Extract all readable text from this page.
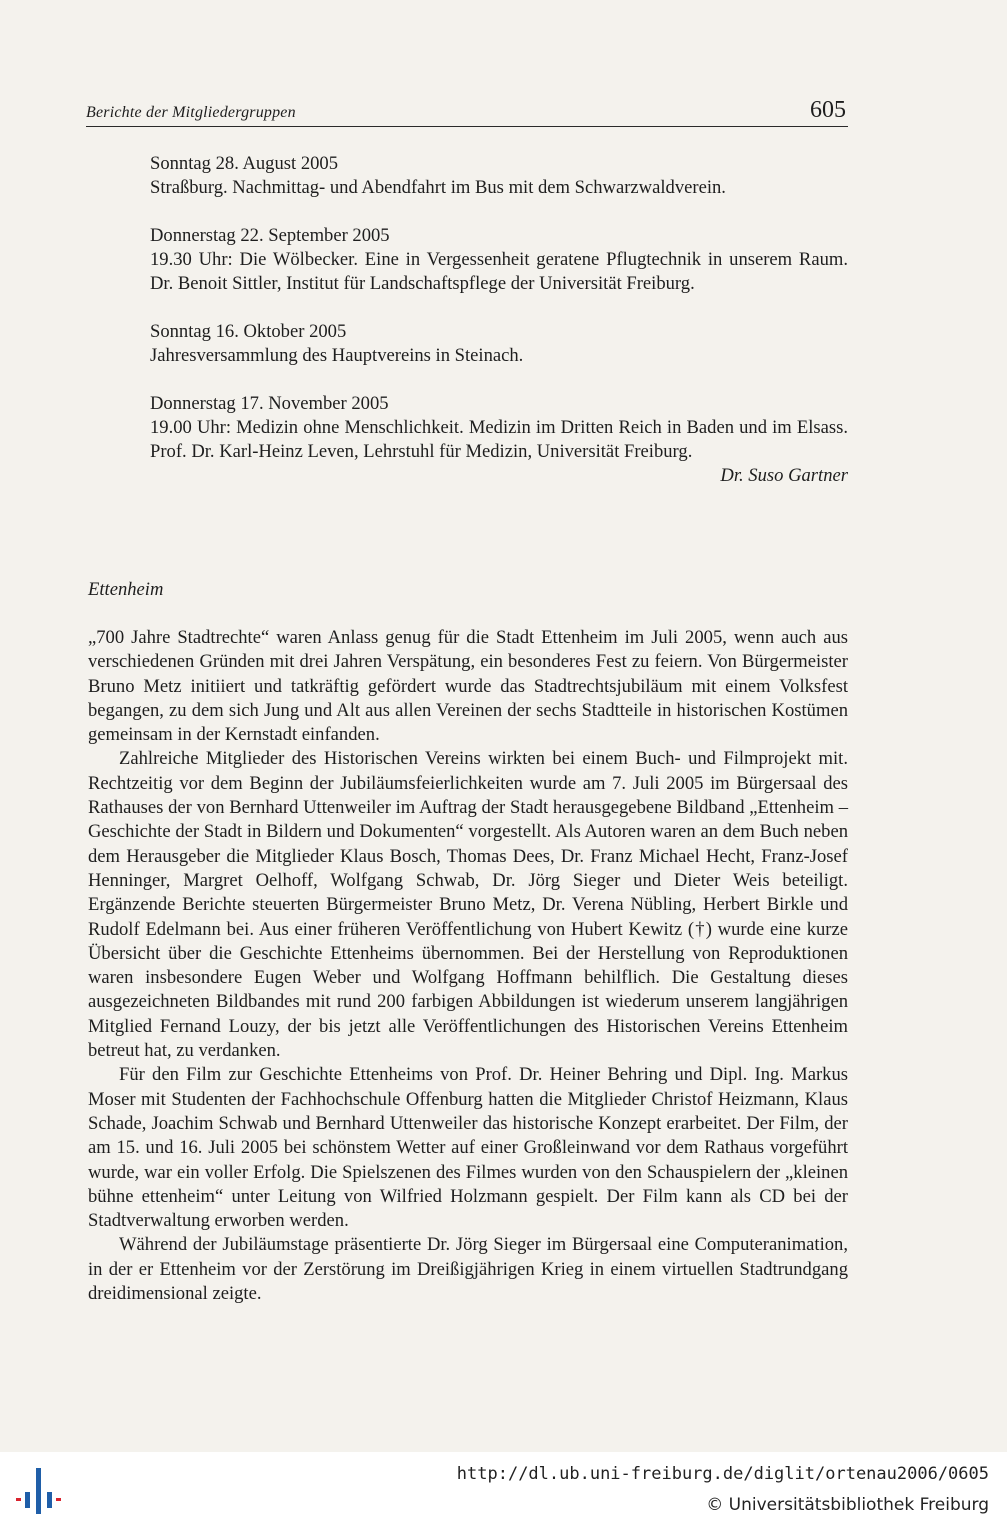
Berichte der Mitgliedergruppen	605
Sonntag 28. August 2005
Straßburg. Nachmittag- und Abendfahrt im Bus mit dem Schwarzwaldverein.
Donnerstag 22. September 2005
19.30 Uhr: Die Wölbecker. Eine in Vergessenheit geratene Pflugtechnik in unserem Raum. Dr. Benoit Sittler, Institut für Landschaftspflege der Universität Freiburg.
Sonntag 16. Oktober 2005
Jahresversammlung des Hauptvereins in Steinach.
Donnerstag 17. November 2005
19.00 Uhr: Medizin ohne Menschlichkeit. Medizin im Dritten Reich in Baden und im Elsass. Prof. Dr. Karl-Heinz Leven, Lehrstuhl für Medizin, Universität Freiburg.
Dr. Suso Gartner
Ettenheim

„700 Jahre Stadtrechte“ waren Anlass genug für die Stadt Ettenheim im Juli 2005, wenn auch aus verschiedenen Gründen mit drei Jahren Verspätung, ein besonderes Fest zu feiern. Von Bürgermeister Bruno Metz initiiert und tatkräftig gefördert wurde das Stadtrechtsjubiläum mit einem Volksfest begangen, zu dem sich Jung und Alt aus allen Vereinen der sechs Stadtteile in historischen Kostümen gemeinsam in der Kernstadt einfanden.

Zahlreiche Mitglieder des Historischen Vereins wirkten bei einem Buch- und Filmprojekt mit. Rechtzeitig vor dem Beginn der Jubiläumsfeierlichkeiten wurde am 7. Juli 2005 im Bürgersaal des Rathauses der von Bernhard Uttenweiler im Auftrag der Stadt herausgegebene Bildband „Ettenheim – Geschichte der Stadt in Bildern und Dokumenten“ vorgestellt. Als Autoren waren an dem Buch neben dem Herausgeber die Mitglieder Klaus Bosch, Thomas Dees, Dr. Franz Michael Hecht, Franz-Josef Henninger, Margret Oelhoff, Wolfgang Schwab, Dr. Jörg Sieger und Dieter Weis beteiligt. Ergänzende Berichte steuerten Bürgermeister Bruno Metz, Dr. Verena Nübling, Herbert Birkle und Rudolf Edelmann bei. Aus einer früheren Veröffentlichung von Hubert Kewitz (†) wurde eine kurze Übersicht über die Geschichte Ettenheims übernommen. Bei der Herstellung von Reproduktionen waren insbesondere Eugen Weber und Wolfgang Hoffmann behilflich. Die Gestaltung dieses ausgezeichneten Bildbandes mit rund 200 farbigen Abbildungen ist wiederum unserem langjährigen Mitglied Fernand Louzy, der bis jetzt alle Veröffentlichungen des Historischen Vereins Ettenheim betreut hat, zu verdanken.

Für den Film zur Geschichte Ettenheims von Prof. Dr. Heiner Behring und Dipl. Ing. Markus Moser mit Studenten der Fachhochschule Offenburg hatten die Mitglieder Christof Heizmann, Klaus Schade, Joachim Schwab und Bernhard Uttenweiler das historische Konzept erarbeitet. Der Film, der am 15. und 16. Juli 2005 bei schönstem Wetter auf einer Großleinwand vor dem Rathaus vorgeführt wurde, war ein voller Erfolg. Die Spielszenen des Filmes wurden von den Schauspielern der „kleinen bühne ettenheim“ unter Leitung von Wilfried Holzmann gespielt. Der Film kann als CD bei der Stadtverwaltung erworben werden.

Während der Jubiläumstage präsentierte Dr. Jörg Sieger im Bürgersaal eine Computeranimation, in der er Ettenheim vor der Zerstörung im Dreißigjährigen Krieg in einem virtuellen Stadtrundgang dreidimensional zeigte.

http://dl.ub.uni-freiburg.de/diglit/ortenau2006/0605
© Universitätsbibliothek Freiburg
